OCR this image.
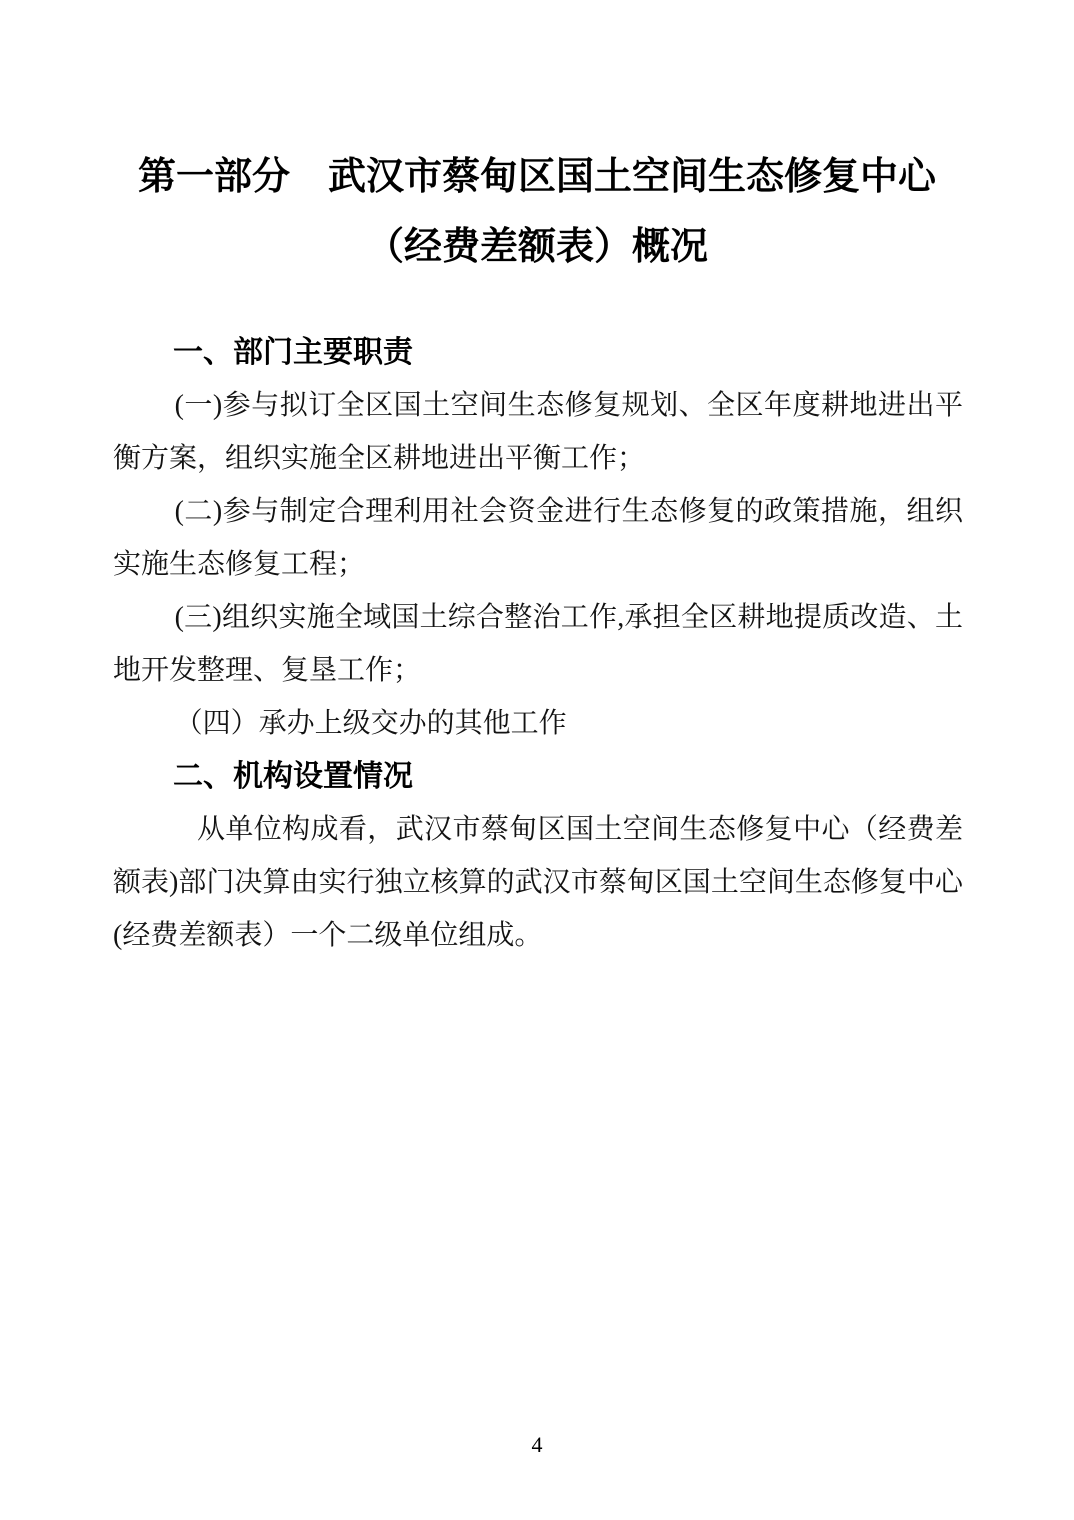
第一部分　武汉市蔡甸区国土空间生态修复中心
（经费差额表）概况

一、部门主要职责

(一)参与拟订全区国土空间生态修复规划、全区年度耕地进出平衡方案，组织实施全区耕地进出平衡工作；

(二)参与制定合理利用社会资金进行生态修复的政策措施，组织实施生态修复工程；

(三)组织实施全域国土综合整治工作,承担全区耕地提质改造、土地开发整理、复垦工作；

（四）承办上级交办的其他工作

二、机构设置情况

从单位构成看，武汉市蔡甸区国土空间生态修复中心（经费差额表)部门决算由实行独立核算的武汉市蔡甸区国土空间生态修复中心(经费差额表）一个二级单位组成。

4
